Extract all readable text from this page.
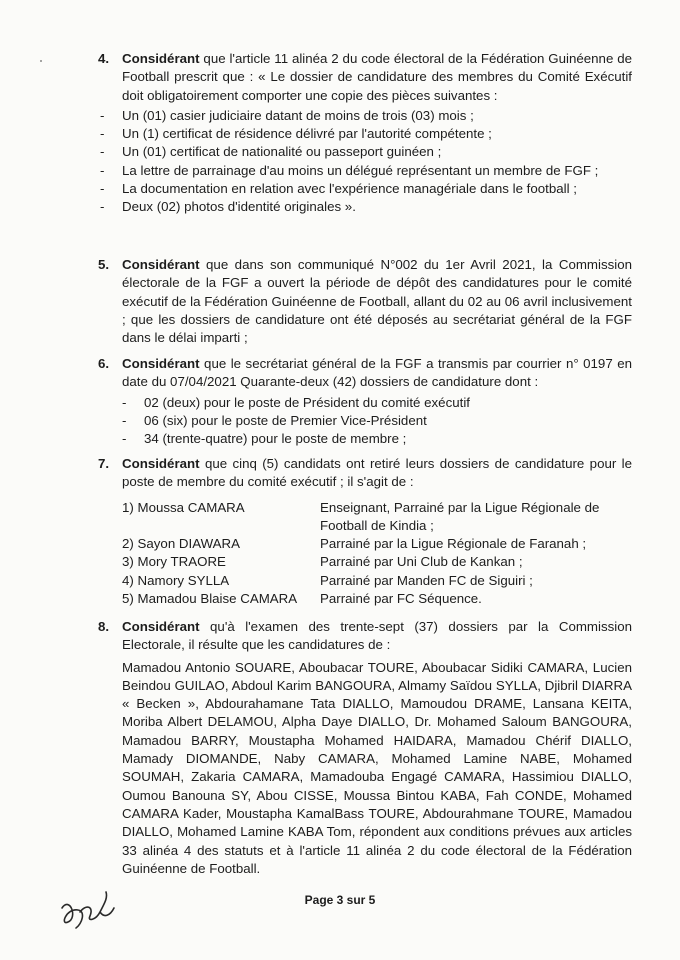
4. Considérant que l'article 11 alinéa 2 du code électoral de la Fédération Guinéenne de Football prescrit que : « Le dossier de candidature des membres du Comité Exécutif doit obligatoirement comporter une copie des pièces suivantes :
- Un (01) casier judiciaire datant de moins de trois (03) mois ;
- Un (1) certificat de résidence délivré par l'autorité compétente ;
- Un (01) certificat de nationalité ou passeport guinéen ;
- La lettre de parrainage d'au moins un délégué représentant un membre de FGF ;
- La documentation en relation avec l'expérience managériale dans le football ;
- Deux (02) photos d'identité originales ».
5. Considérant que dans son communiqué N°002 du 1er Avril 2021, la Commission électorale de la FGF a ouvert la période de dépôt des candidatures pour le comité exécutif de la Fédération Guinéenne de Football, allant du 02 au 06 avril inclusivement ; que les dossiers de candidature ont été déposés au secrétariat général de la FGF dans le délai imparti ;
6. Considérant que le secrétariat général de la FGF a transmis par courrier n° 0197 en date du 07/04/2021 Quarante-deux (42) dossiers de candidature dont :
- 02 (deux) pour le poste de Président du comité exécutif
- 06 (six) pour le poste de Premier Vice-Président
- 34 (trente-quatre) pour le poste de membre ;
7. Considérant que cinq (5) candidats ont retiré leurs dossiers de candidature pour le poste de membre du comité exécutif ; il s'agit de :
1) Moussa CAMARA	Enseignant, Parrainé par la Ligue Régionale de Football de Kindia ;
2) Sayon DIAWARA	Parrainé par la Ligue Régionale de Faranah ;
3) Mory TRAORE	Parrainé par Uni Club de Kankan ;
4) Namory SYLLA	Parrainé par Manden FC de Siguiri ;
5) Mamadou Blaise CAMARA	Parrainé par FC Séquence.
8. Considérant qu'à l'examen des trente-sept (37) dossiers par la Commission Electorale, il résulte que les candidatures de :
Mamadou Antonio SOUARE, Aboubacar TOURE, Aboubacar Sidiki CAMARA, Lucien Beindou GUILAO, Abdoul Karim BANGOURA, Almamy Saïdou SYLLA, Djibril DIARRA « Becken », Abdourahamane Tata DIALLO, Mamoudou DRAME, Lansana KEITA, Moriba Albert DELAMOU, Alpha Daye DIALLO, Dr. Mohamed Saloum BANGOURA, Mamadou BARRY, Moustapha Mohamed HAIDARA, Mamadou Chérif DIALLO, Mamady DIOMANDE, Naby CAMARA, Mohamed Lamine NABE, Mohamed SOUMAH, Zakaria CAMARA, Mamadouba Engagé CAMARA, Hassimiou DIALLO, Oumou Banouna SY, Abou CISSE, Moussa Bintou KABA, Fah CONDE, Mohamed CAMARA Kader, Moustapha KamalBass TOURE, Abdourahmane TOURE, Mamadou DIALLO, Mohamed Lamine KABA Tom, répondent aux conditions prévues aux articles 33 alinéa 4 des statuts et à l'article 11 alinéa 2 du code électoral de la Fédération Guinéenne de Football.
Page 3 sur 5
